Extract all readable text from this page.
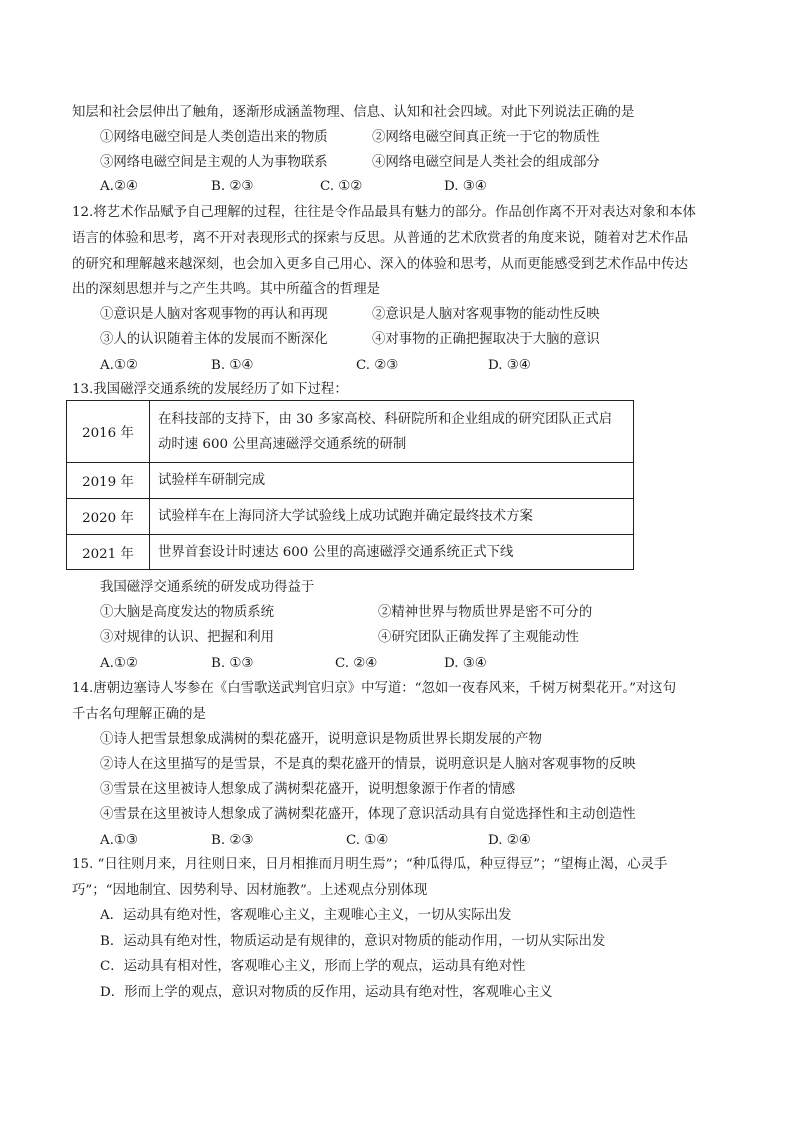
知层和社会层伸出了触角，逐渐形成涵盖物理、信息、认知和社会四域。对此下列说法正确的是
①网络电磁空间是人类创造出来的物质	②网络电磁空间真正统一于它的物质性
③网络电磁空间是主观的人为事物联系	④网络电磁空间是人类社会的组成部分
A.②④	B. ②③	C. ①②	D. ③④
12.将艺术作品赋予自己理解的过程，往往是令作品最具有魅力的部分。作品创作离不开对表达对象和本体
语言的体验和思考，离不开对表现形式的探索与反思。从普通的艺术欣赏者的角度来说，随着对艺术作品
的研究和理解越来越深刻，也会加入更多自己用心、深入的体验和思考，从而更能感受到艺术作品中传达
出的深刻思想并与之产生共鸣。其中所蕴含的哲理是
①意识是人脑对客观事物的再认和再现	②意识是人脑对客观事物的能动性反映
③人的认识随着主体的发展而不断深化	④对事物的正确把握取决于大脑的意识
A.①②	B. ①④	C. ②③	D. ③④
13.我国磁浮交通系统的发展经历了如下过程：
2016 年	在科技部的支持下，由 30 多家高校、科研院所和企业组成的研究团队正式启
动时速 600 公里高速磁浮交通系统的研制

2019 年	试验样车研制完成
2020 年	试验样车在上海同济大学试验线上成功试跑并确定最终技术方案
2021 年	世界首套设计时速达 600 公里的高速磁浮交通系统正式下线
我国磁浮交通系统的研发成功得益于
①大脑是高度发达的物质系统	②精神世界与物质世界是密不可分的
③对规律的认识、把握和利用	④研究团队正确发挥了主观能动性
A.①②	B. ①③	C. ②④	D. ③④
14.唐朝边塞诗人岑参在《白雪歌送武判官归京》中写道：“忽如一夜春风来，千树万树梨花开。”对这句
千古名句理解正确的是
①诗人把雪景想象成满树的梨花盛开，说明意识是物质世界长期发展的产物
②诗人在这里描写的是雪景，不是真的梨花盛开的情景，说明意识是人脑对客观事物的反映
③雪景在这里被诗人想象成了满树梨花盛开，说明想象源于作者的情感
④雪景在这里被诗人想象成了满树梨花盛开，体现了意识活动具有自觉选择性和主动创造性
A.①③	B. ②③	C. ①④	D. ②④
15. “日往则月来，月往则日来，日月相推而月明生焉”；“种瓜得瓜，种豆得豆”；“望梅止渴，心灵手
巧”；“因地制宜、因势利导、因材施教”。上述观点分别体现
A．运动具有绝对性，客观唯心主义，主观唯心主义，一切从实际出发
B．运动具有绝对性，物质运动是有规律的，意识对物质的能动作用，一切从实际出发
C．运动具有相对性，客观唯心主义，形而上学的观点，运动具有绝对性
D．形而上学的观点，意识对物质的反作用，运动具有绝对性，客观唯心主义
